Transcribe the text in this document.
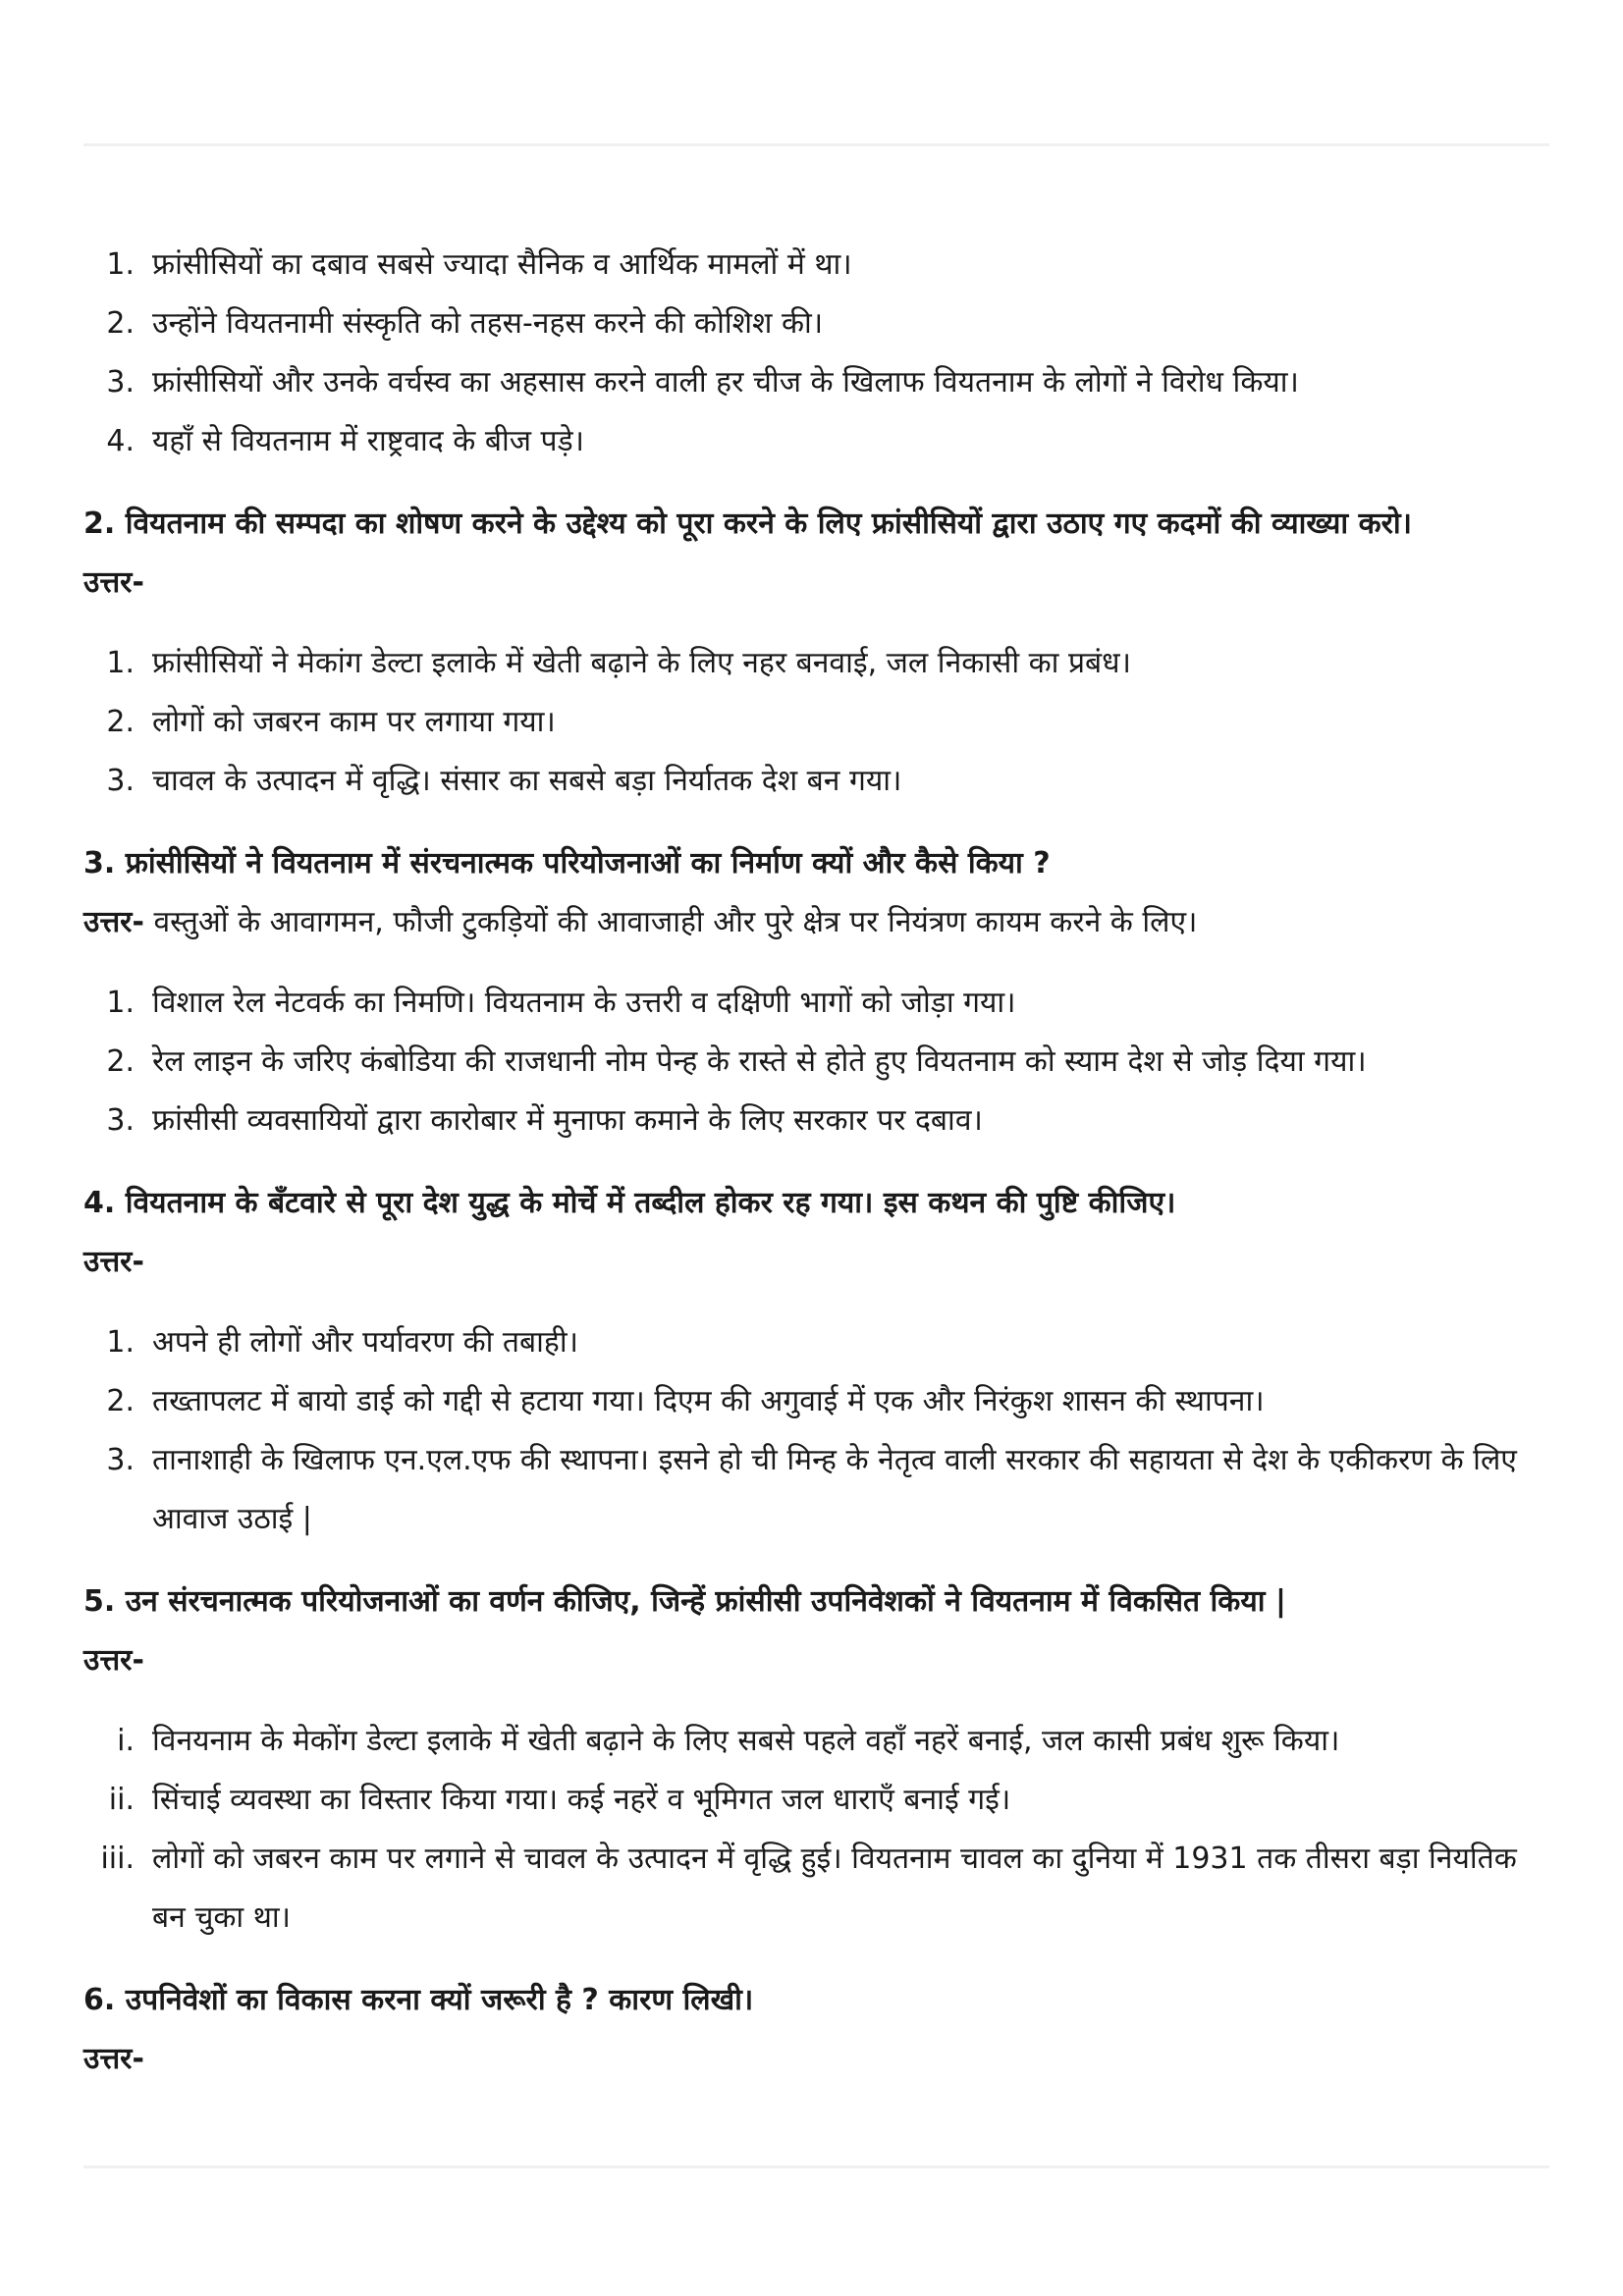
1. फ्रांसीसियों का दबाव सबसे ज्यादा सैनिक व आर्थिक मामलों में था।
2. उन्होंने वियतनामी संस्कृति को तहस-नहस करने की कोशिश की।
3. फ्रांसीसियों और उनके वर्चस्व का अहसास करने वाली हर चीज के खिलाफ वियतनाम के लोगों ने विरोध किया।
4. यहाँ से वियतनाम में राष्ट्रवाद के बीज पड़े।
2. वियतनाम की सम्पदा का शोषण करने के उद्देश्य को पूरा करने के लिए फ्रांसीसियों द्वारा उठाए गए कदमों की व्याख्या करो।
उत्तर-
1. फ्रांसीसियों ने मेकांग डेल्टा इलाके में खेती बढ़ाने के लिए नहर बनवाई, जल निकासी का प्रबंध।
2. लोगों को जबरन काम पर लगाया गया।
3. चावल के उत्पादन में वृद्धि। संसार का सबसे बड़ा निर्यातक देश बन गया।
3. फ्रांसीसियों ने वियतनाम में संरचनात्मक परियोजनाओं का निर्माण क्यों और कैसे किया ?
उत्तर- वस्तुओं के आवागमन, फौजी टुकड़ियों की आवाजाही और पुरे क्षेत्र पर नियंत्रण कायम करने के लिए।
1. विशाल रेल नेटवर्क का निमणि। वियतनाम के उत्तरी व दक्षिणी भागों को जोड़ा गया।
2. रेल लाइन के जरिए कंबोडिया की राजधानी नोम पेन्ह के रास्ते से होते हुए वियतनाम को स्याम देश से जोड़ दिया गया।
3. फ्रांसीसी व्यवसायियों द्वारा कारोबार में मुनाफा कमाने के लिए सरकार पर दबाव।
4. वियतनाम के बँटवारे से पूरा देश युद्ध के मोर्चे में तब्दील होकर रह गया। इस कथन की पुष्टि कीजिए।
उत्तर-
1. अपने ही लोगों और पर्यावरण की तबाही।
2. तख्तापलट में बायो डाई को गद्दी से हटाया गया। दिएम की अगुवाई में एक और निरंकुश शासन की स्थापना।
3. तानाशाही के खिलाफ एन.एल.एफ की स्थापना। इसने हो ची मिन्ह के नेतृत्व वाली सरकार की सहायता से देश के एकीकरण के लिए आवाज उठाई |
5. उन संरचनात्मक परियोजनाओं का वर्णन कीजिए, जिन्हें फ्रांसीसी उपनिवेशकों ने वियतनाम में विकसित किया |
उत्तर-
i. विनयनाम के मेकोंग डेल्टा इलाके में खेती बढ़ाने के लिए सबसे पहले वहाँ नहरें बनाई, जल कासी प्रबंध शुरू किया।
ii. सिंचाई व्यवस्था का विस्तार किया गया। कई नहरें व भूमिगत जल धाराएँ बनाई गई।
iii. लोगों को जबरन काम पर लगाने से चावल के उत्पादन में वृद्धि हुई। वियतनाम चावल का दुनिया में 1931 तक तीसरा बड़ा नियतिक बन चुका था।
6. उपनिवेशों का विकास करना क्यों जरूरी है ? कारण लिखी।
उत्तर-
